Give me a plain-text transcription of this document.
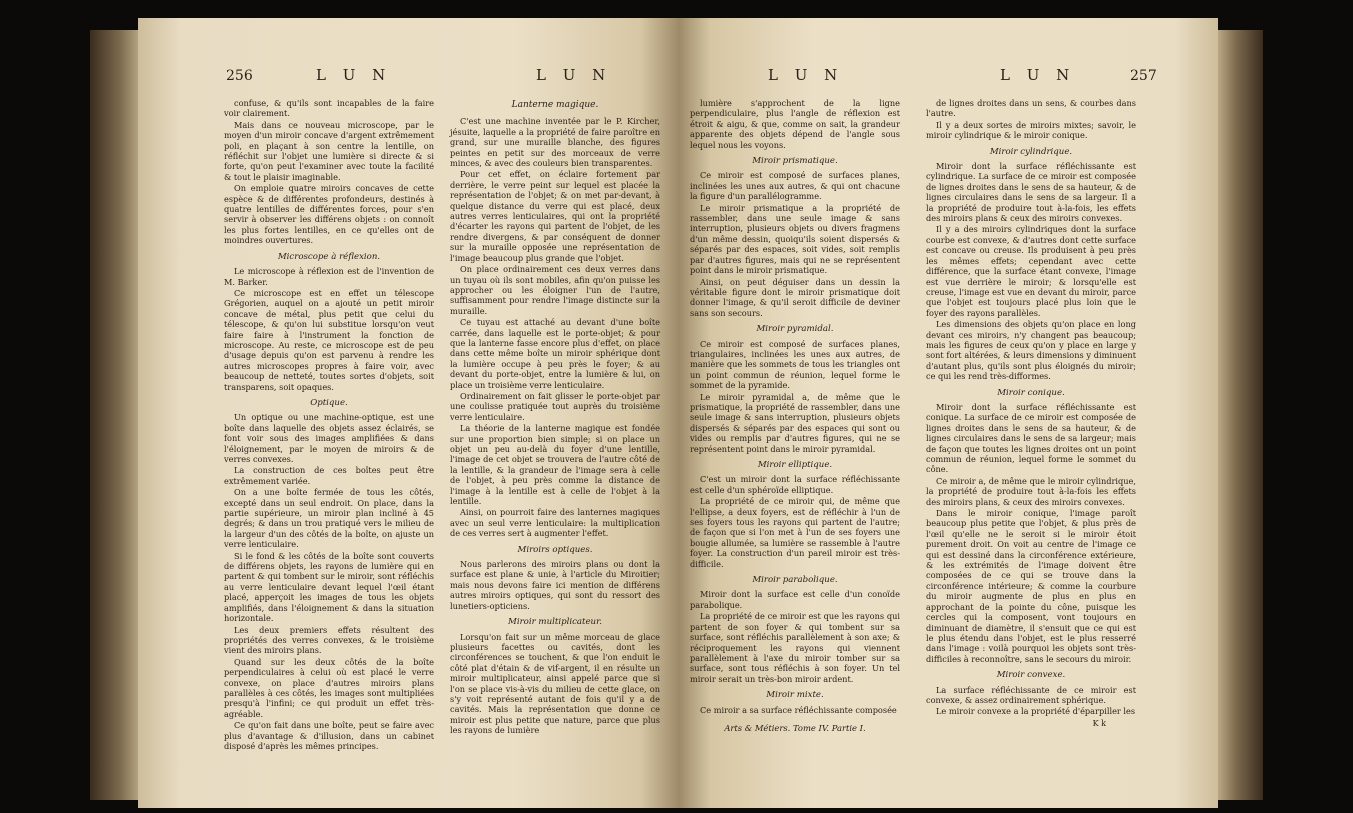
256	L U N	L U N

confuse, & qu'ils sont incapables de la faire voir clairement.

Mais dans ce nouveau microscope, par le moyen d'un miroir concave d'argent extrêmement poli, en plaçant à son centre la lentille, on réfléchit sur l'objet une lumière si directe & si forte, qu'on peut l'examiner avec toute la facilité & tout le plaisir imaginable.

On emploie quatre miroirs concaves de cette espèce & de différentes profondeurs, destinés à quatre lentilles de différentes forces, pour s'en servir à observer les différens objets : on connoît les plus fortes lentilles, en ce qu'elles ont de moindres ouvertures.

Microscope à réflexion.

Le microscope à réflexion est de l'invention de M. Barker.

Ce microscope est en effet un télescope Grégorien, auquel on a ajouté un petit miroir concave de métal, plus petit que celui du télescope, & qu'on lui substitue lorsqu'on veut faire faire à l'instrument la fonction de microscope. Au reste, ce microscope est de peu d'usage depuis qu'on est parvenu à rendre les autres microscopes propres à faire voir, avec beaucoup de netteté, toutes sortes d'objets, soit transparens, soit opaques.

Optique.

Un optique ou une machine-optique, est une boîte dans laquelle des objets assez éclairés, se font voir sous des images amplifiées & dans l'éloignement, par le moyen de miroirs & de verres convexes.

La construction de ces boîtes peut être extrêmement variée.

On a une boîte fermée de tous les côtés, excepté dans un seul endroit. On place, dans la partie supérieure, un miroir plan incliné à 45 degrés; & dans un trou pratiqué vers le milieu de la largeur d'un des côtés de la boîte, on ajuste un verre lenticulaire.

Si le fond & les côtés de la boîte sont couverts de différens objets, les rayons de lumière qui en partent & qui tombent sur le miroir, sont réfléchis au verre lenticulaire devant lequel l'œil étant placé, apperçoit les images de tous les objets amplifiés, dans l'éloignement & dans la situation horizontale.

Les deux premiers effets résultent des propriétés des verres convexes, & le troisième vient des miroirs plans.

Quand sur les deux côtés de la boîte perpendiculaires à celui où est placé le verre convexe, on place d'autres miroirs plans parallèles à ces côtés, les images sont multipliées presqu'à l'infini; ce qui produit un effet très-agréable.

Ce qu'on fait dans une boîte, peut se faire avec plus d'avantage & d'illusion, dans un cabinet disposé d'après les mêmes principes.

Lanterne magique.

C'est une machine inventée par le P. Kircher, jésuite, laquelle a la propriété de faire paroître en grand, sur une muraille blanche, des figures peintes en petit sur des morceaux de verre minces, & avec des couleurs bien transparentes.

Pour cet effet, on éclaire fortement par derrière, le verre peint sur lequel est placée la représentation de l'objet; & on met par-devant, à quelque distance du verre qui est placé, deux autres verres lenticulaires, qui ont la propriété d'écarter les rayons qui partent de l'objet, de les rendre divergens, & par conséquent de donner sur la muraille opposée une représentation de l'image beaucoup plus grande que l'objet.

On place ordinairement ces deux verres dans un tuyau où ils sont mobiles, afin qu'on puisse les approcher ou les éloigner l'un de l'autre, suffisamment pour rendre l'image distincte sur la muraille.

Ce tuyau est attaché au devant d'une boîte carrée, dans laquelle est le porte-objet; & pour que la lanterne fasse encore plus d'effet, on place dans cette même boîte un miroir sphérique dont la lumière occupe à peu près le foyer; & au devant du porte-objet, entre la lumière & lui, on place un troisième verre lenticulaire.

Ordinairement on fait glisser le porte-objet par une coulisse pratiquée tout auprès du troisième verre lenticulaire.

La théorie de la lanterne magique est fondée sur une proportion bien simple; si on place un objet un peu au-delà du foyer d'une lentille, l'image de cet objet se trouvera de l'autre côté de la lentille, & la grandeur de l'image sera à celle de l'objet, à peu près comme la distance de l'image à la lentille est à celle de l'objet à la lentille.

Ainsi, on pourroit faire des lanternes magiques avec un seul verre lenticulaire: la multiplication de ces verres sert à augmenter l'effet.

Miroirs optiques.

Nous parlerons des miroirs plans ou dont la surface est plane & unie, à l'article du Miroitier; mais nous devons faire ici mention de différens autres miroirs optiques, qui sont du ressort des lunetiers-opticiens.

Miroir multiplicateur.

Lorsqu'on fait sur un même morceau de glace plusieurs facettes ou cavités, dont les circonférences se touchent, & que l'on enduit le côté plat d'étain & de vif-argent, il en résulte un miroir multiplicateur, ainsi appelé parce que si l'on se place vis-à-vis du milieu de cette glace, on s'y voit représenté autant de fois qu'il y a de cavités. Mais la représentation que donne ce miroir est plus petite que nature, parce que plus les rayons de lumière

L U N	L U N	257

lumière s'approchent de la ligne perpendiculaire, plus l'angle de réflexion est étroit & aigu, & que, comme on sait, la grandeur apparente des objets dépend de l'angle sous lequel nous les voyons.

Miroir prismatique.

Ce miroir est composé de surfaces planes, inclinées les unes aux autres, & qui ont chacune la figure d'un parallélogramme.

Le miroir prismatique a la propriété de rassembler, dans une seule image & sans interruption, plusieurs objets ou divers fragmens d'un même dessin, quoiqu'ils soient dispersés & séparés par des espaces, soit vides, soit remplis par d'autres figures, mais qui ne se représentent point dans le miroir prismatique.

Ainsi, on peut déguiser dans un dessin la véritable figure dont le miroir prismatique doit donner l'image, & qu'il seroit difficile de deviner sans son secours.

Miroir pyramidal.

Ce miroir est composé de surfaces planes, triangulaires, inclinées les unes aux autres, de manière que les sommets de tous les triangles ont un point commun de réunion, lequel forme le sommet de la pyramide.

Le miroir pyramidal a, de même que le prismatique, la propriété de rassembler, dans une seule image & sans interruption, plusieurs objets dispersés & séparés par des espaces qui sont ou vides ou remplis par d'autres figures, qui ne se représentent point dans le miroir pyramidal.

Miroir elliptique.

C'est un miroir dont la surface réfléchissante est celle d'un sphéroïde elliptique.

La propriété de ce miroir qui, de même que l'ellipse, a deux foyers, est de réfléchir à l'un de ses foyers tous les rayons qui partent de l'autre; de façon que si l'on met à l'un de ses foyers une bougie allumée, sa lumière se rassemble à l'autre foyer. La construction d'un pareil miroir est très-difficile.

Miroir parabolique.

Miroir dont la surface est celle d'un conoïde parabolique.

La propriété de ce miroir est que les rayons qui partent de son foyer & qui tombent sur sa surface, sont réfléchis parallèlement à son axe; & réciproquement les rayons qui viennent parallèlement à l'axe du miroir tomber sur sa surface, sont tous réfléchis à son foyer. Un tel miroir serait un très-bon miroir ardent.

Miroir mixte.

Ce miroir a sa surface réfléchissante composée

Arts & Métiers. Tome IV. Partie I.

de lignes droites dans un sens, & courbes dans l'autre.

Il y a deux sortes de miroirs mixtes; savoir, le miroir cylindrique & le miroir conique.

Miroir cylindrique.

Miroir dont la surface réfléchissante est cylindrique. La surface de ce miroir est composée de lignes droites dans le sens de sa hauteur, & de lignes circulaires dans le sens de sa largeur. Il a la propriété de produire tout à-la-fois, les effets des miroirs plans & ceux des miroirs convexes.

Il y a des miroirs cylindriques dont la surface courbe est convexe, & d'autres dont cette surface est concave ou creuse. Ils produisent à peu près les mêmes effets; cependant avec cette différence, que la surface étant convexe, l'image est vue derrière le miroir; & lorsqu'elle est creuse, l'image est vue en devant du miroir, parce que l'objet est toujours placé plus loin que le foyer des rayons parallèles.

Les dimensions des objets qu'on place en long devant ces miroirs, n'y changent pas beaucoup; mais les figures de ceux qu'on y place en large y sont fort altérées, & leurs dimensions y diminuent d'autant plus, qu'ils sont plus éloignés du miroir; ce qui les rend très-difformes.

Miroir conique.

Miroir dont la surface réfléchissante est conique. La surface de ce miroir est composée de lignes droites dans le sens de sa hauteur, & de lignes circulaires dans le sens de sa largeur; mais de façon que toutes les lignes droites ont un point commun de réunion, lequel forme le sommet du cône.

Ce miroir a, de même que le miroir cylindrique, la propriété de produire tout à-la-fois les effets des miroirs plans, & ceux des miroirs convexes.

Dans le miroir conique, l'image paroît beaucoup plus petite que l'objet, & plus près de l'œil qu'elle ne le seroit si le miroir étoit purement droit. On voit au centre de l'image ce qui est dessiné dans la circonférence extérieure, & les extrémités de l'image doivent être composées de ce qui se trouve dans la circonférence intérieure; & comme la courbure du miroir augmente de plus en plus en approchant de la pointe du cône, puisque les cercles qui la composent, vont toujours en diminuant de diamètre, il s'ensuit que ce qui est le plus étendu dans l'objet, est le plus resserré dans l'image : voilà pourquoi les objets sont très-difficiles à reconnoître, sans le secours du miroir.

Miroir convexe.

La surface réfléchissante de ce miroir est convexe, & assez ordinairement sphérique.

Le miroir convexe a la propriété d'éparpiller les

K k
